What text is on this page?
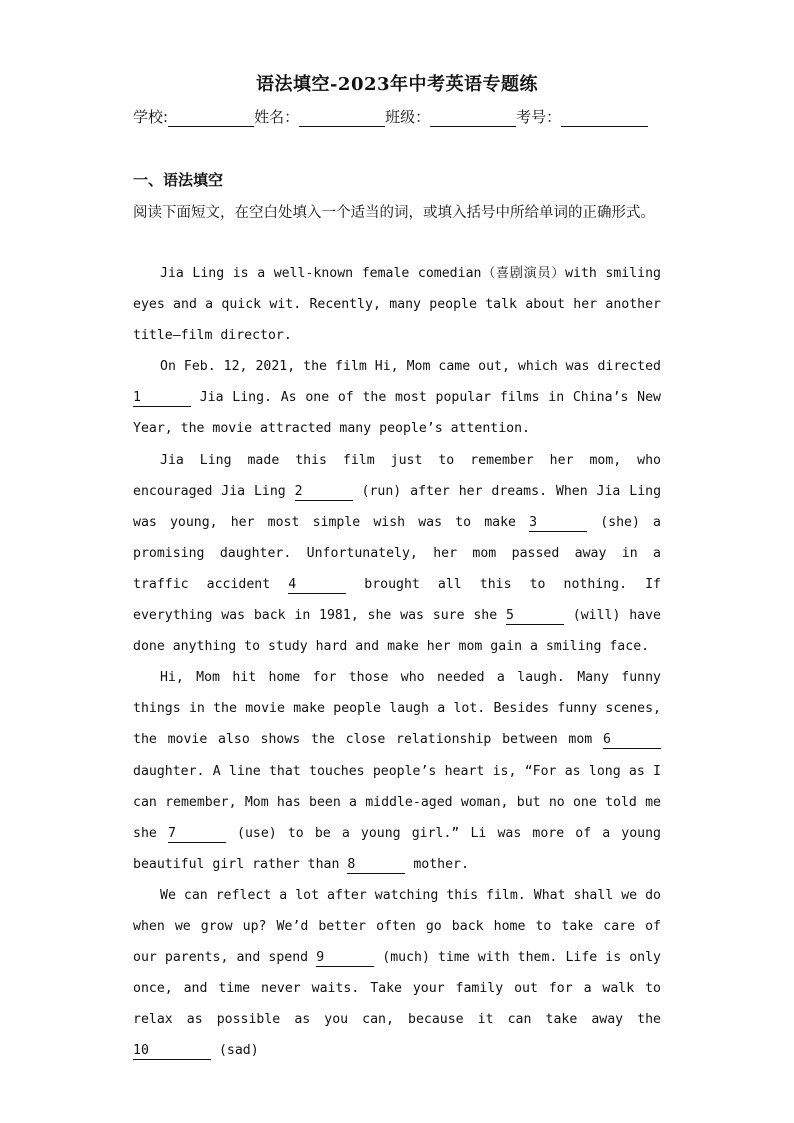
语法填空-2023年中考英语专题练
学校:	姓名：	班级：	考号：
一、语法填空
阅读下面短文，在空白处填入一个适当的词，或填入括号中所给单词的正确形式。

Jia Ling is a well-known female comedian（喜剧演员）with smiling eyes and a quick wit. Recently, many people talk about her another title—film director.

On Feb. 12, 2021, the film Hi, Mom came out, which was directed 1	Jia Ling. As one of the most popular films in China’s New Year, the movie attracted many people’s attention.

Jia Ling made this film just to remember her mom, who encouraged Jia Ling 2	(run) after her dreams. When Jia Ling was young, her most simple wish was to make 3	(she) a promising daughter. Unfortunately, her mom passed away in a traffic accident 4	brought all this to nothing. If everything was back in 1981, she was sure she 5	(will) have done anything to study hard and make her mom gain a smiling face.

Hi, Mom hit home for those who needed a laugh. Many funny things in the movie make people laugh a lot. Besides funny scenes, the movie also shows the close relationship between mom 6 daughter. A line that touches people’s heart is, “For as long as I can remember, Mom has been a middle-aged woman, but no one told me she 7	(use) to be a young girl.” Li was more of a young beautiful girl rather than 8	mother.

We can reflect a lot after watching this film. What shall we do when we grow up? We’d better often go back home to take care of our parents, and spend 9	(much) time with them. Life is only once, and time never waits. Take your family out for a walk to relax as possible as you can, because it can take away the 10	(sad)
